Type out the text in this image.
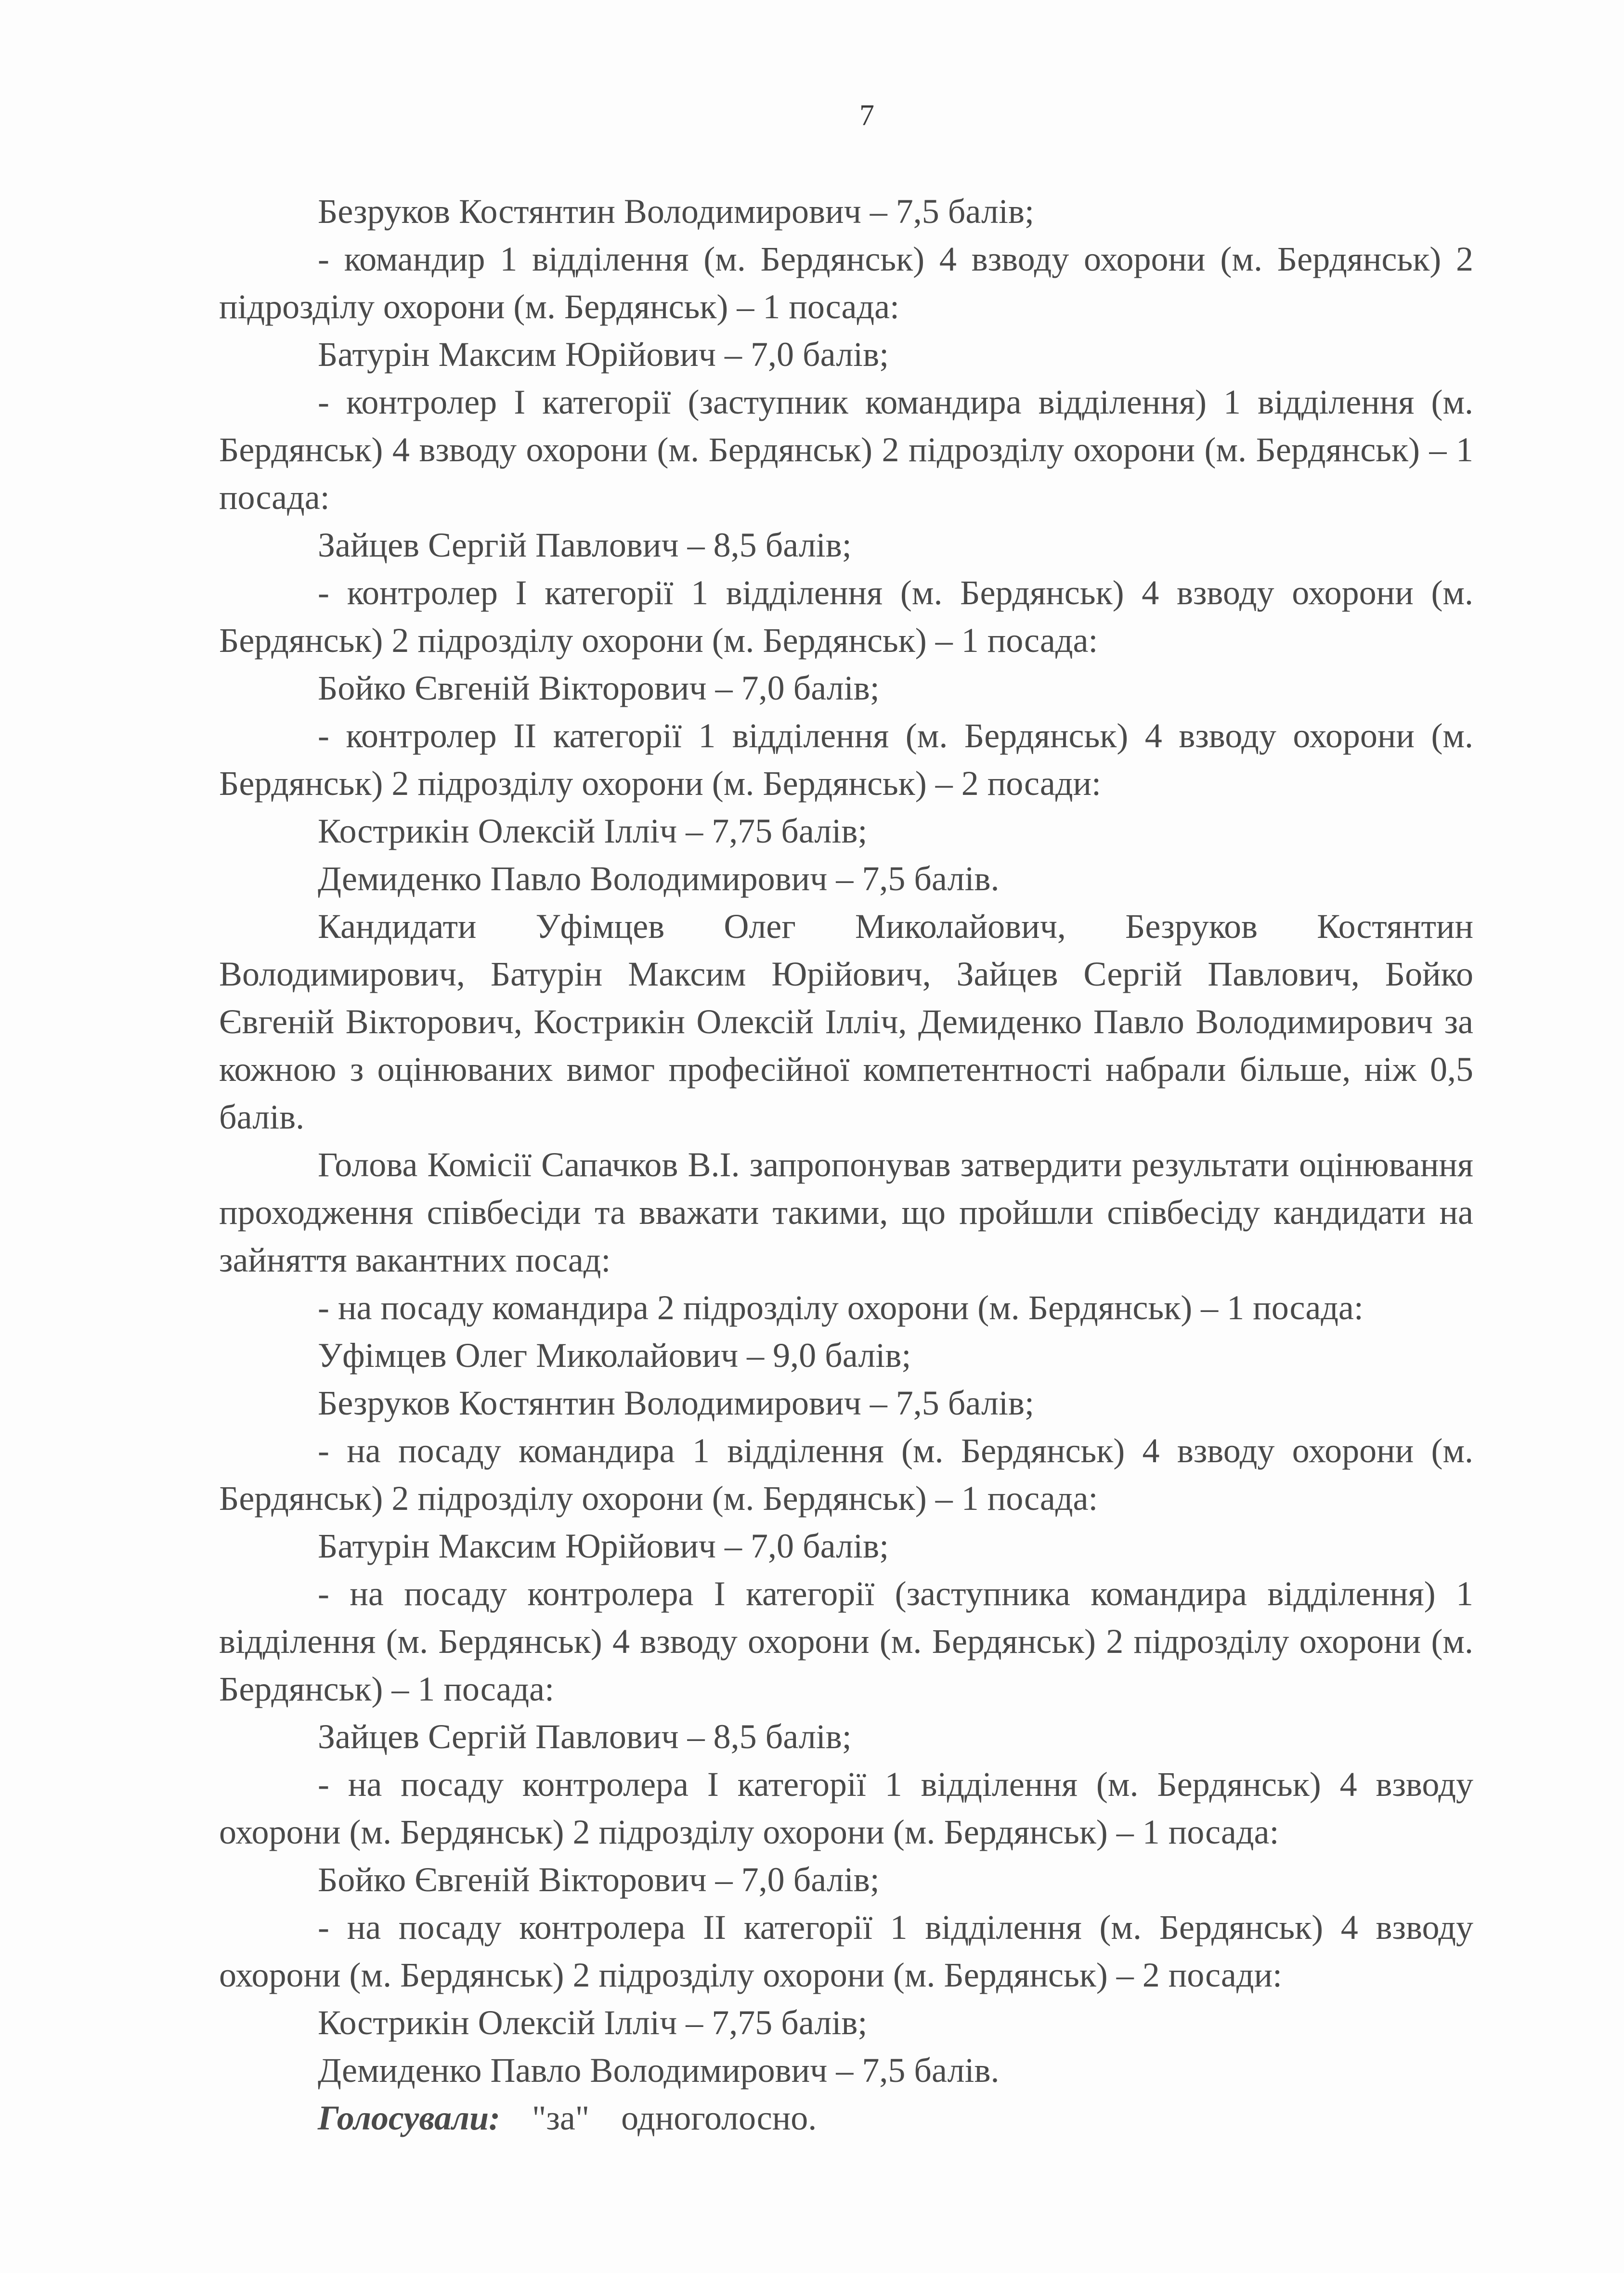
7

Безруков Костянтин Володимирович – 7,5 балів;

- командир 1 відділення (м. Бердянськ) 4 взводу охорони (м. Бердянськ) 2 підрозділу охорони (м. Бердянськ) – 1 посада:

Батурін Максим Юрійович – 7,0 балів;

- контролер I категорії (заступник командира відділення) 1 відділення (м. Бердянськ) 4 взводу охорони (м. Бердянськ) 2 підрозділу охорони (м. Бердянськ) – 1 посада:

Зайцев Сергій Павлович – 8,5 балів;

- контролер I категорії 1 відділення (м. Бердянськ) 4 взводу охорони (м. Бердянськ) 2 підрозділу охорони (м. Бердянськ) – 1 посада:

Бойко Євгеній Вікторович – 7,0 балів;

- контролер II категорії 1 відділення (м. Бердянськ) 4 взводу охорони (м. Бердянськ) 2 підрозділу охорони (м. Бердянськ) – 2 посади:

Кострикін Олексій Ілліч – 7,75 балів;

Демиденко Павло Володимирович – 7,5 балів.

Кандидати Уфімцев Олег Миколайович, Безруков Костянтин Володимирович, Батурін Максим Юрійович, Зайцев Сергій Павлович, Бойко Євгеній Вікторович, Кострикін Олексій Ілліч, Демиденко Павло Володимирович за кожною з оцінюваних вимог професійної компетентності набрали більше, ніж 0,5 балів.

Голова Комісії Сапачков В.І. запропонував затвердити результати оцінювання проходження співбесіди та вважати такими, що пройшли співбесіду кандидати на зайняття вакантних посад:

- на посаду командира 2 підрозділу охорони (м. Бердянськ) – 1 посада:

Уфімцев Олег Миколайович – 9,0 балів;

Безруков Костянтин Володимирович – 7,5 балів;

- на посаду командира 1 відділення (м. Бердянськ) 4 взводу охорони (м. Бердянськ) 2 підрозділу охорони (м. Бердянськ) – 1 посада:

Батурін Максим Юрійович – 7,0 балів;

- на посаду контролера I категорії (заступника командира відділення) 1 відділення (м. Бердянськ) 4 взводу охорони (м. Бердянськ) 2 підрозділу охорони (м. Бердянськ) – 1 посада:

Зайцев Сергій Павлович – 8,5 балів;

- на посаду контролера I категорії 1 відділення (м. Бердянськ) 4 взводу охорони (м. Бердянськ) 2 підрозділу охорони (м. Бердянськ) – 1 посада:

Бойко Євгеній Вікторович – 7,0 балів;

- на посаду контролера II категорії 1 відділення (м. Бердянськ) 4 взводу охорони (м. Бердянськ) 2 підрозділу охорони (м. Бердянськ) – 2 посади:

Кострикін Олексій Ілліч – 7,75 балів;

Демиденко Павло Володимирович – 7,5 балів.

Голосували: "за" одноголосно.
